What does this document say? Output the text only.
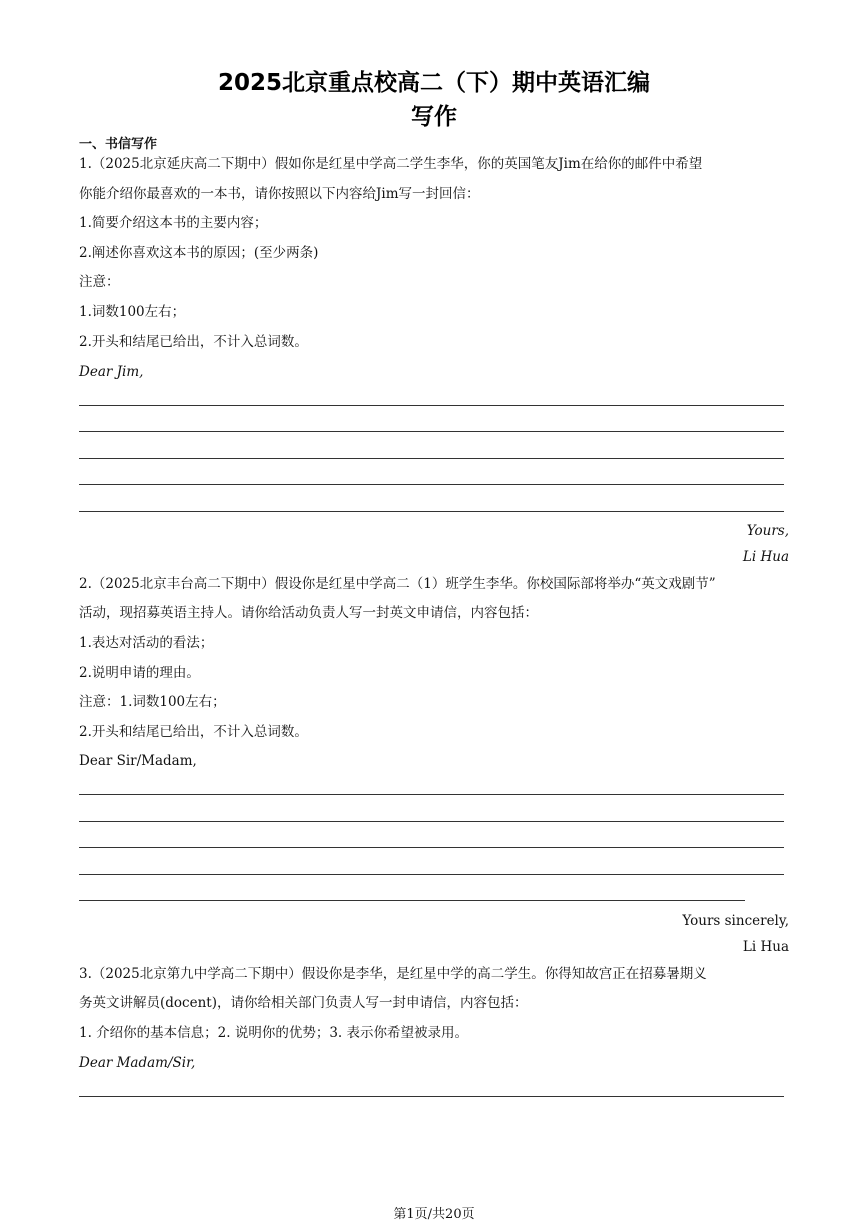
2025北京重点校高二（下）期中英语汇编
写作
一、书信写作
1.（2025北京延庆高二下期中）假如你是红星中学高二学生李华，你的英国笔友Jim在给你的邮件中希望
你能介绍你最喜欢的一本书，请你按照以下内容给Jim写一封回信：
1.简要介绍这本书的主要内容；
2.阐述你喜欢这本书的原因；(至少两条)
注意：
1.词数100左右；
2.开头和结尾已给出，不计入总词数。
Dear Jim,
Yours,
Li Hua
2.（2025北京丰台高二下期中）假设你是红星中学高二（1）班学生李华。你校国际部将举办“英文戏剧节”
活动，现招募英语主持人。请你给活动负责人写一封英文申请信，内容包括：
1.表达对活动的看法；
2.说明申请的理由。
注意：1.词数100左右；
2.开头和结尾已给出，不计入总词数。
Dear Sir/Madam,
Yours sincerely,
Li Hua
3.（2025北京第九中学高二下期中）假设你是李华，是红星中学的高二学生。你得知故宫正在招募暑期义
务英文讲解员(docent)，请你给相关部门负责人写一封申请信，内容包括：
1. 介绍你的基本信息；2. 说明你的优势；3. 表示你希望被录用。
Dear Madam/Sir,
第1页/共20页
